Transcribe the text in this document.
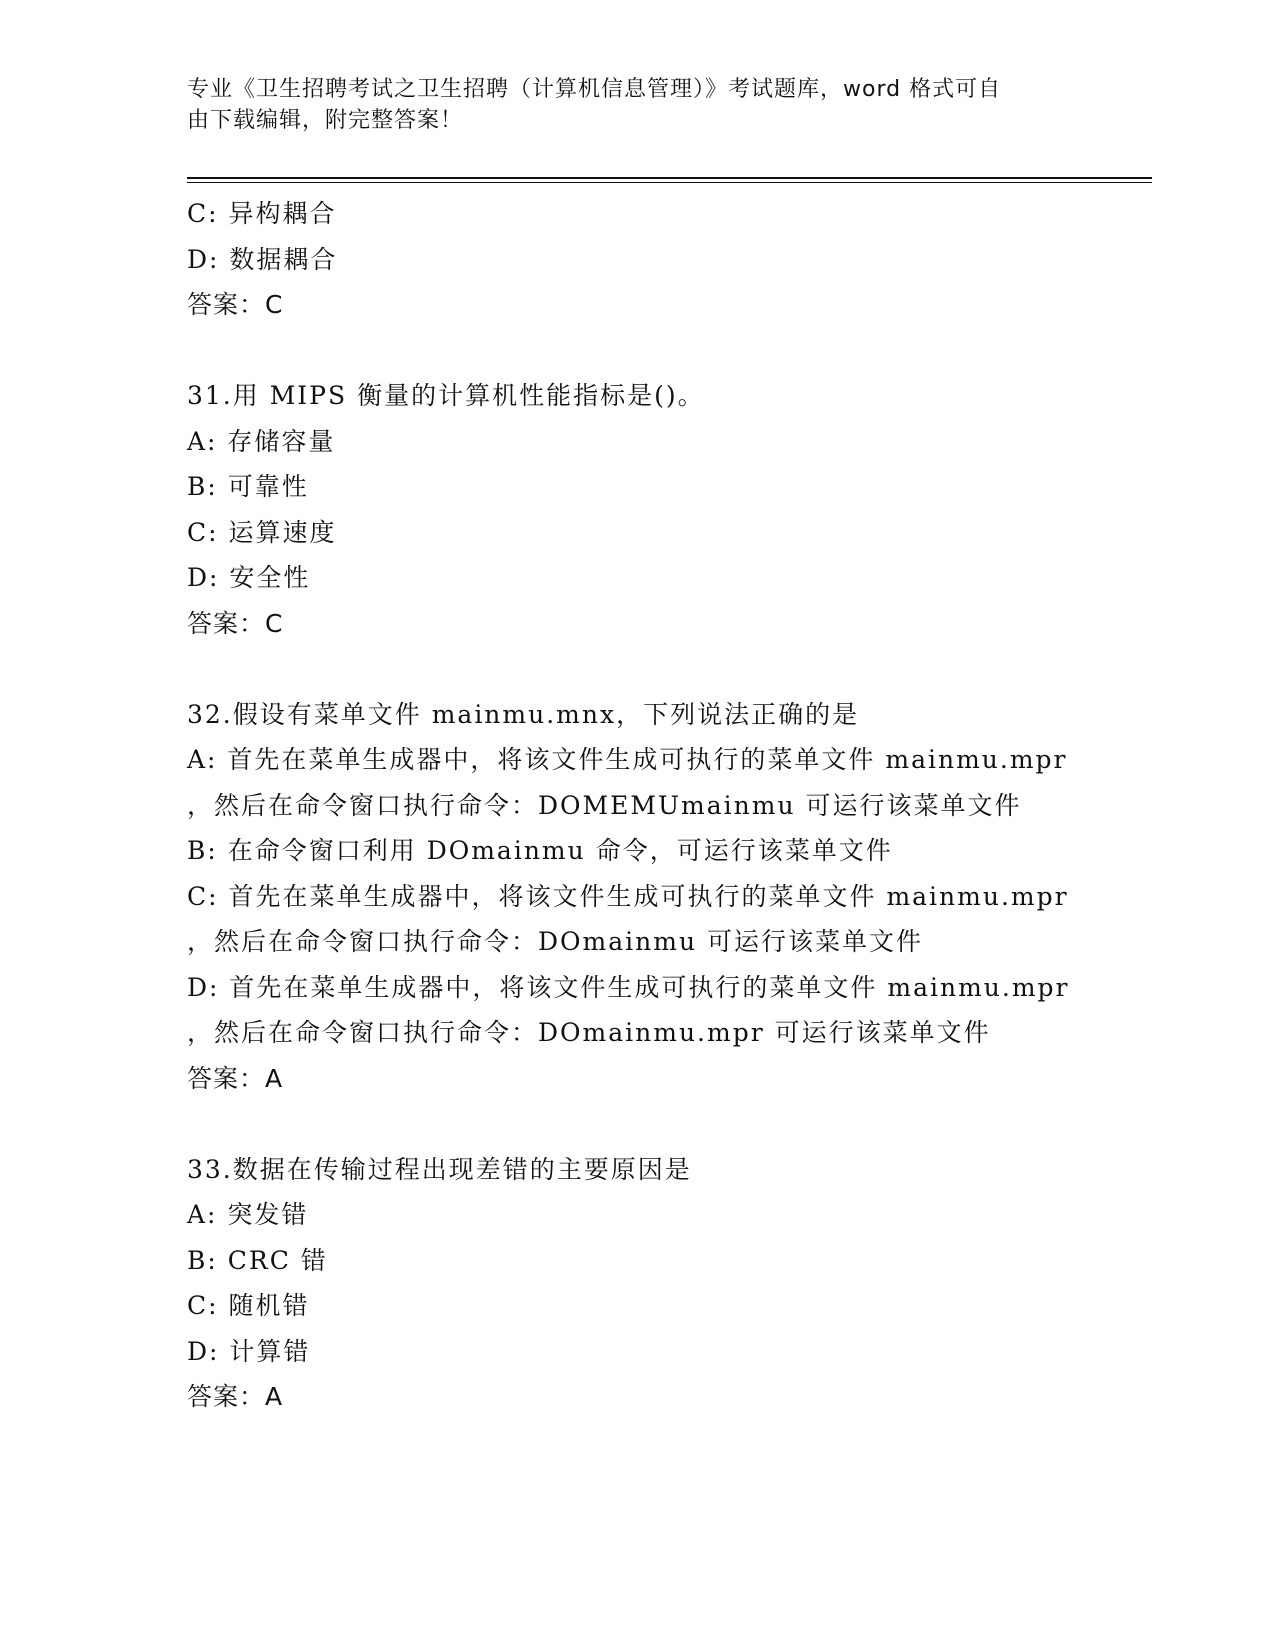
专业《卫生招聘考试之卫生招聘（计算机信息管理）》考试题库，word 格式可自
由下载编辑，附完整答案！
C: 异构耦合
D: 数据耦合
答案：C
31.用 MIPS 衡量的计算机性能指标是()。
A: 存储容量
B: 可靠性
C: 运算速度
D: 安全性
答案：C
32.假设有菜单文件 mainmu.mnx，下列说法正确的是
A: 首先在菜单生成器中，将该文件生成可执行的菜单文件 mainmu.mpr
，然后在命令窗口执行命令：DOMEMUmainmu 可运行该菜单文件
B: 在命令窗口利用 DOmainmu 命令，可运行该菜单文件
C: 首先在菜单生成器中，将该文件生成可执行的菜单文件 mainmu.mpr
，然后在命令窗口执行命令：DOmainmu 可运行该菜单文件
D: 首先在菜单生成器中，将该文件生成可执行的菜单文件 mainmu.mpr
，然后在命令窗口执行命令：DOmainmu.mpr 可运行该菜单文件
答案：A
33.数据在传输过程出现差错的主要原因是
A: 突发错
B: CRC 错
C: 随机错
D: 计算错
答案：A
